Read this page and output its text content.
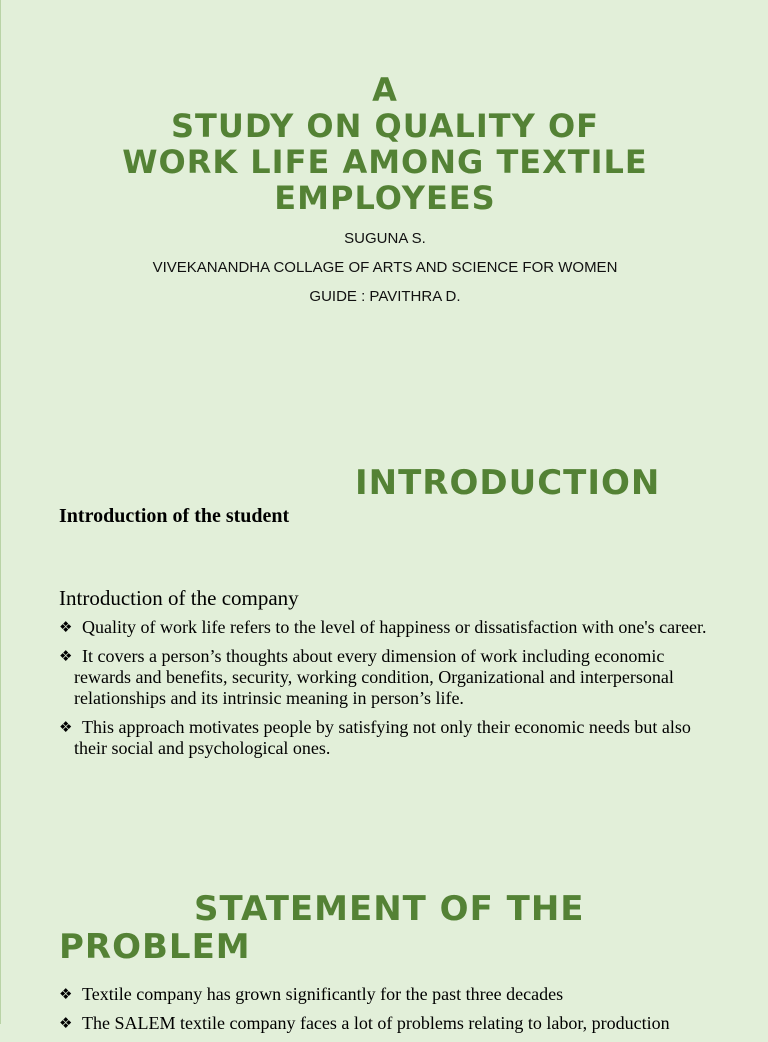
A
STUDY ON QUALITY OF
WORK LIFE AMONG TEXTILE
EMPLOYEES
SUGUNA S.
VIVEKANANDHA COLLAGE OF ARTS AND SCIENCE FOR WOMEN
GUIDE : PAVITHRA D.
INTRODUCTION
Introduction of the student
Introduction of the company
❖ Quality of work life refers to the level of happiness or dissatisfaction with one's career.
❖ It covers a person’s thoughts about every dimension of work including economic rewards and benefits, security, working condition, Organizational and interpersonal relationships and its intrinsic meaning in person’s life.
❖ This approach motivates people by satisfying not only their economic needs but also their social and psychological ones.
STATEMENT OF THE
PROBLEM
❖ Textile company has grown significantly for the past three decades
❖ The SALEM textile company faces a lot of problems relating to labor, production
